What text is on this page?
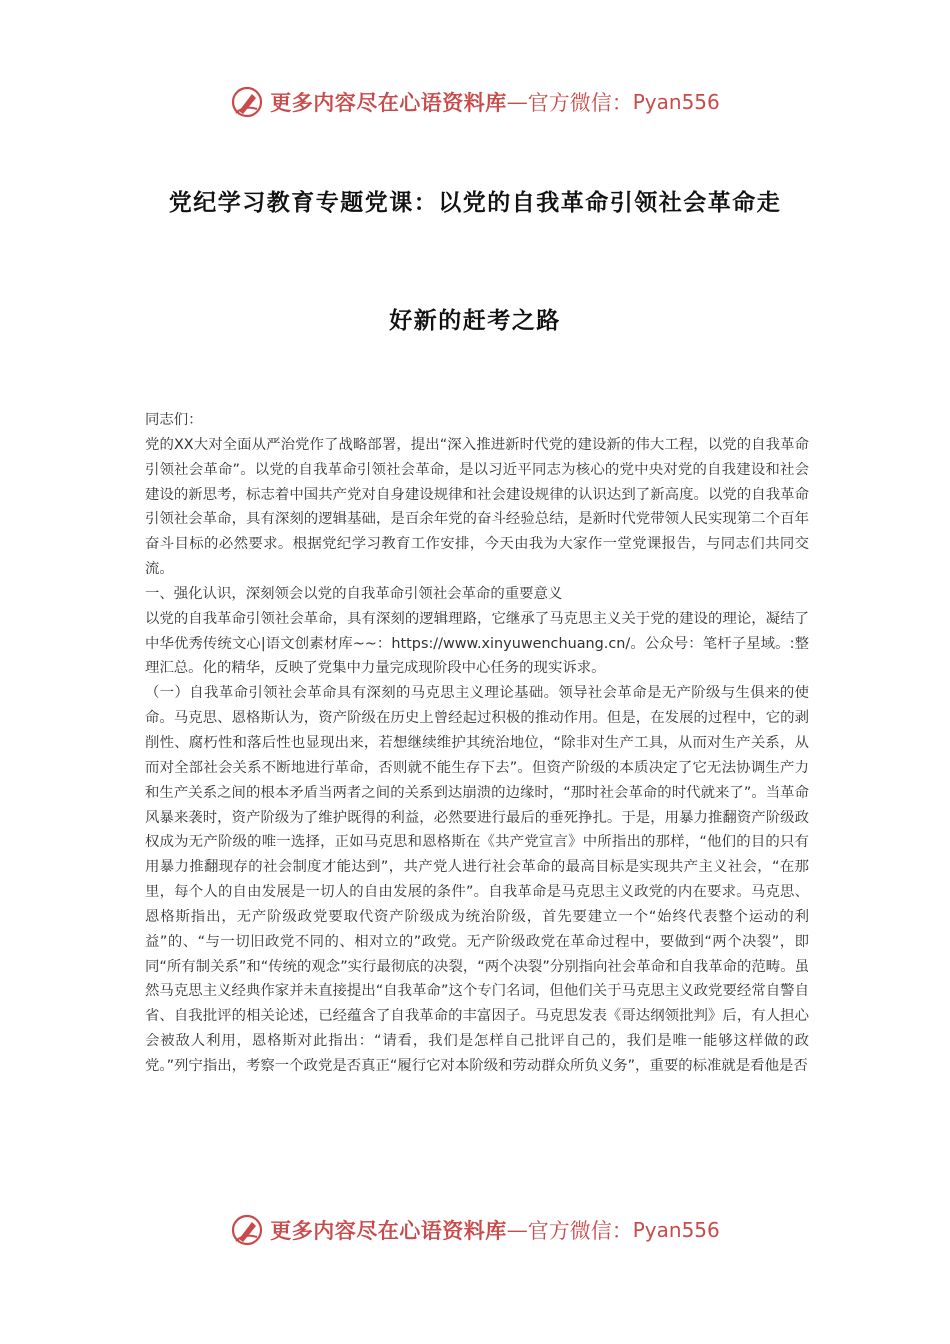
更多内容尽在心语资料库 — 官方微信： Pyan556
党纪学习教育专题党课：以党的自我革命引领社会革命走
好新的赶考之路

同志们：

党的XX大对全面从严治党作了战略部署，提出“深入推进新时代党的建设新的伟大工程，以党的自我革命引领社会革命”。以党的自我革命引领社会革命，是以习近平同志为核心的党中央对党的自我建设和社会建设的新思考，标志着中国共产党对自身建设规律和社会建设规律的认识达到了新高度。以党的自我革命引领社会革命，具有深刻的逻辑基础，是百余年党的奋斗经验总结，是新时代党带领人民实现第二个百年奋斗目标的必然要求。根据党纪学习教育工作安排，今天由我为大家作一堂党课报告，与同志们共同交流。

一、强化认识，深刻领会以党的自我革命引领社会革命的重要意义

以党的自我革命引领社会革命，具有深刻的逻辑理路，它继承了马克思主义关于党的建设的理论，凝结了中华优秀传统文心|语文创素材库~~：https://www.xinyuwenchuang.cn/。公众号：笔杆子星域。:整理汇总。化的精华，反映了党集中力量完成现阶段中心任务的现实诉求。

（一）自我革命引领社会革命具有深刻的马克思主义理论基础。领导社会革命是无产阶级与生俱来的使命。马克思、恩格斯认为，资产阶级在历史上曾经起过积极的推动作用。但是，在发展的过程中，它的剥削性、腐朽性和落后性也显现出来，若想继续维护其统治地位，“除非对生产工具，从而对生产关系，从而对全部社会关系不断地进行革命，否则就不能生存下去”。但资产阶级的本质决定了它无法协调生产力和生产关系之间的根本矛盾当两者之间的关系到达崩溃的边缘时，“那时社会革命的时代就来了”。当革命风暴来袭时，资产阶级为了维护既得的利益，必然要进行最后的垂死挣扎。于是，用暴力推翻资产阶级政权成为无产阶级的唯一选择，正如马克思和恩格斯在《共产党宣言》中所指出的那样，“他们的目的只有用暴力推翻现存的社会制度才能达到”，共产党人进行社会革命的最高目标是实现共产主义社会，“在那里，每个人的自由发展是一切人的自由发展的条件”。自我革命是马克思主义政党的内在要求。马克思、恩格斯指出，无产阶级政党要取代资产阶级成为统治阶级，首先要建立一个“始终代表整个运动的利益”的、“与一切旧政党不同的、相对立的”政党。无产阶级政党在革命过程中，要做到“两个决裂”，即同“所有制关系”和“传统的观念”实行最彻底的决裂，“两个决裂”分别指向社会革命和自我革命的范畴。虽然马克思主义经典作家并未直接提出“自我革命”这个专门名词，但他们关于马克思主义政党要经常自警自省、自我批评的相关论述，已经蕴含了自我革命的丰富因子。马克思发表《哥达纲领批判》后，有人担心会被敌人利用，恩格斯对此指出：“请看，我们是怎样自己批评自己的，我们是唯一能够这样做的政党。”列宁指出，考察一个政党是否真正“履行它对本阶级和劳动群众所负义务”，重要的标准就是看他是否

更多内容尽在心语资料库 — 官方微信： Pyan556
